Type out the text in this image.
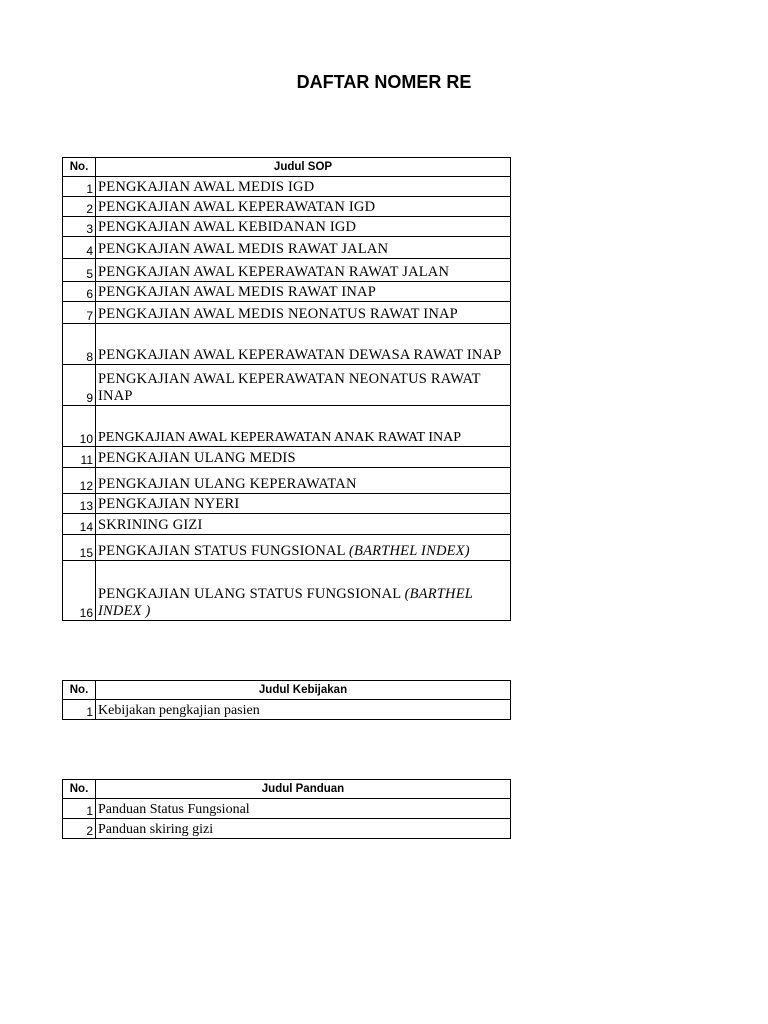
DAFTAR NOMER RE
No.	Judul SOP
1	PENGKAJIAN AWAL MEDIS IGD
2	PENGKAJIAN AWAL KEPERAWATAN IGD
3	PENGKAJIAN AWAL KEBIDANAN IGD
4	PENGKAJIAN AWAL MEDIS RAWAT JALAN
5	PENGKAJIAN AWAL KEPERAWATAN RAWAT JALAN
6	PENGKAJIAN AWAL MEDIS RAWAT INAP
7	PENGKAJIAN AWAL MEDIS NEONATUS RAWAT INAP
8	PENGKAJIAN AWAL KEPERAWATAN DEWASA RAWAT INAP
9	PENGKAJIAN AWAL KEPERAWATAN NEONATUS RAWAT INAP
10	PENGKAJIAN AWAL KEPERAWATAN ANAK RAWAT INAP
11	PENGKAJIAN ULANG MEDIS
12	PENGKAJIAN ULANG KEPERAWATAN
13	PENGKAJIAN NYERI
14	SKRINING GIZI
15	PENGKAJIAN STATUS FUNGSIONAL (BARTHEL INDEX)
16	PENGKAJIAN ULANG STATUS FUNGSIONAL (BARTHEL INDEX )
No.	Judul Kebijakan
1	Kebijakan pengkajian pasien
No.	Judul Panduan
1	Panduan Status Fungsional
2	Panduan skiring gizi
